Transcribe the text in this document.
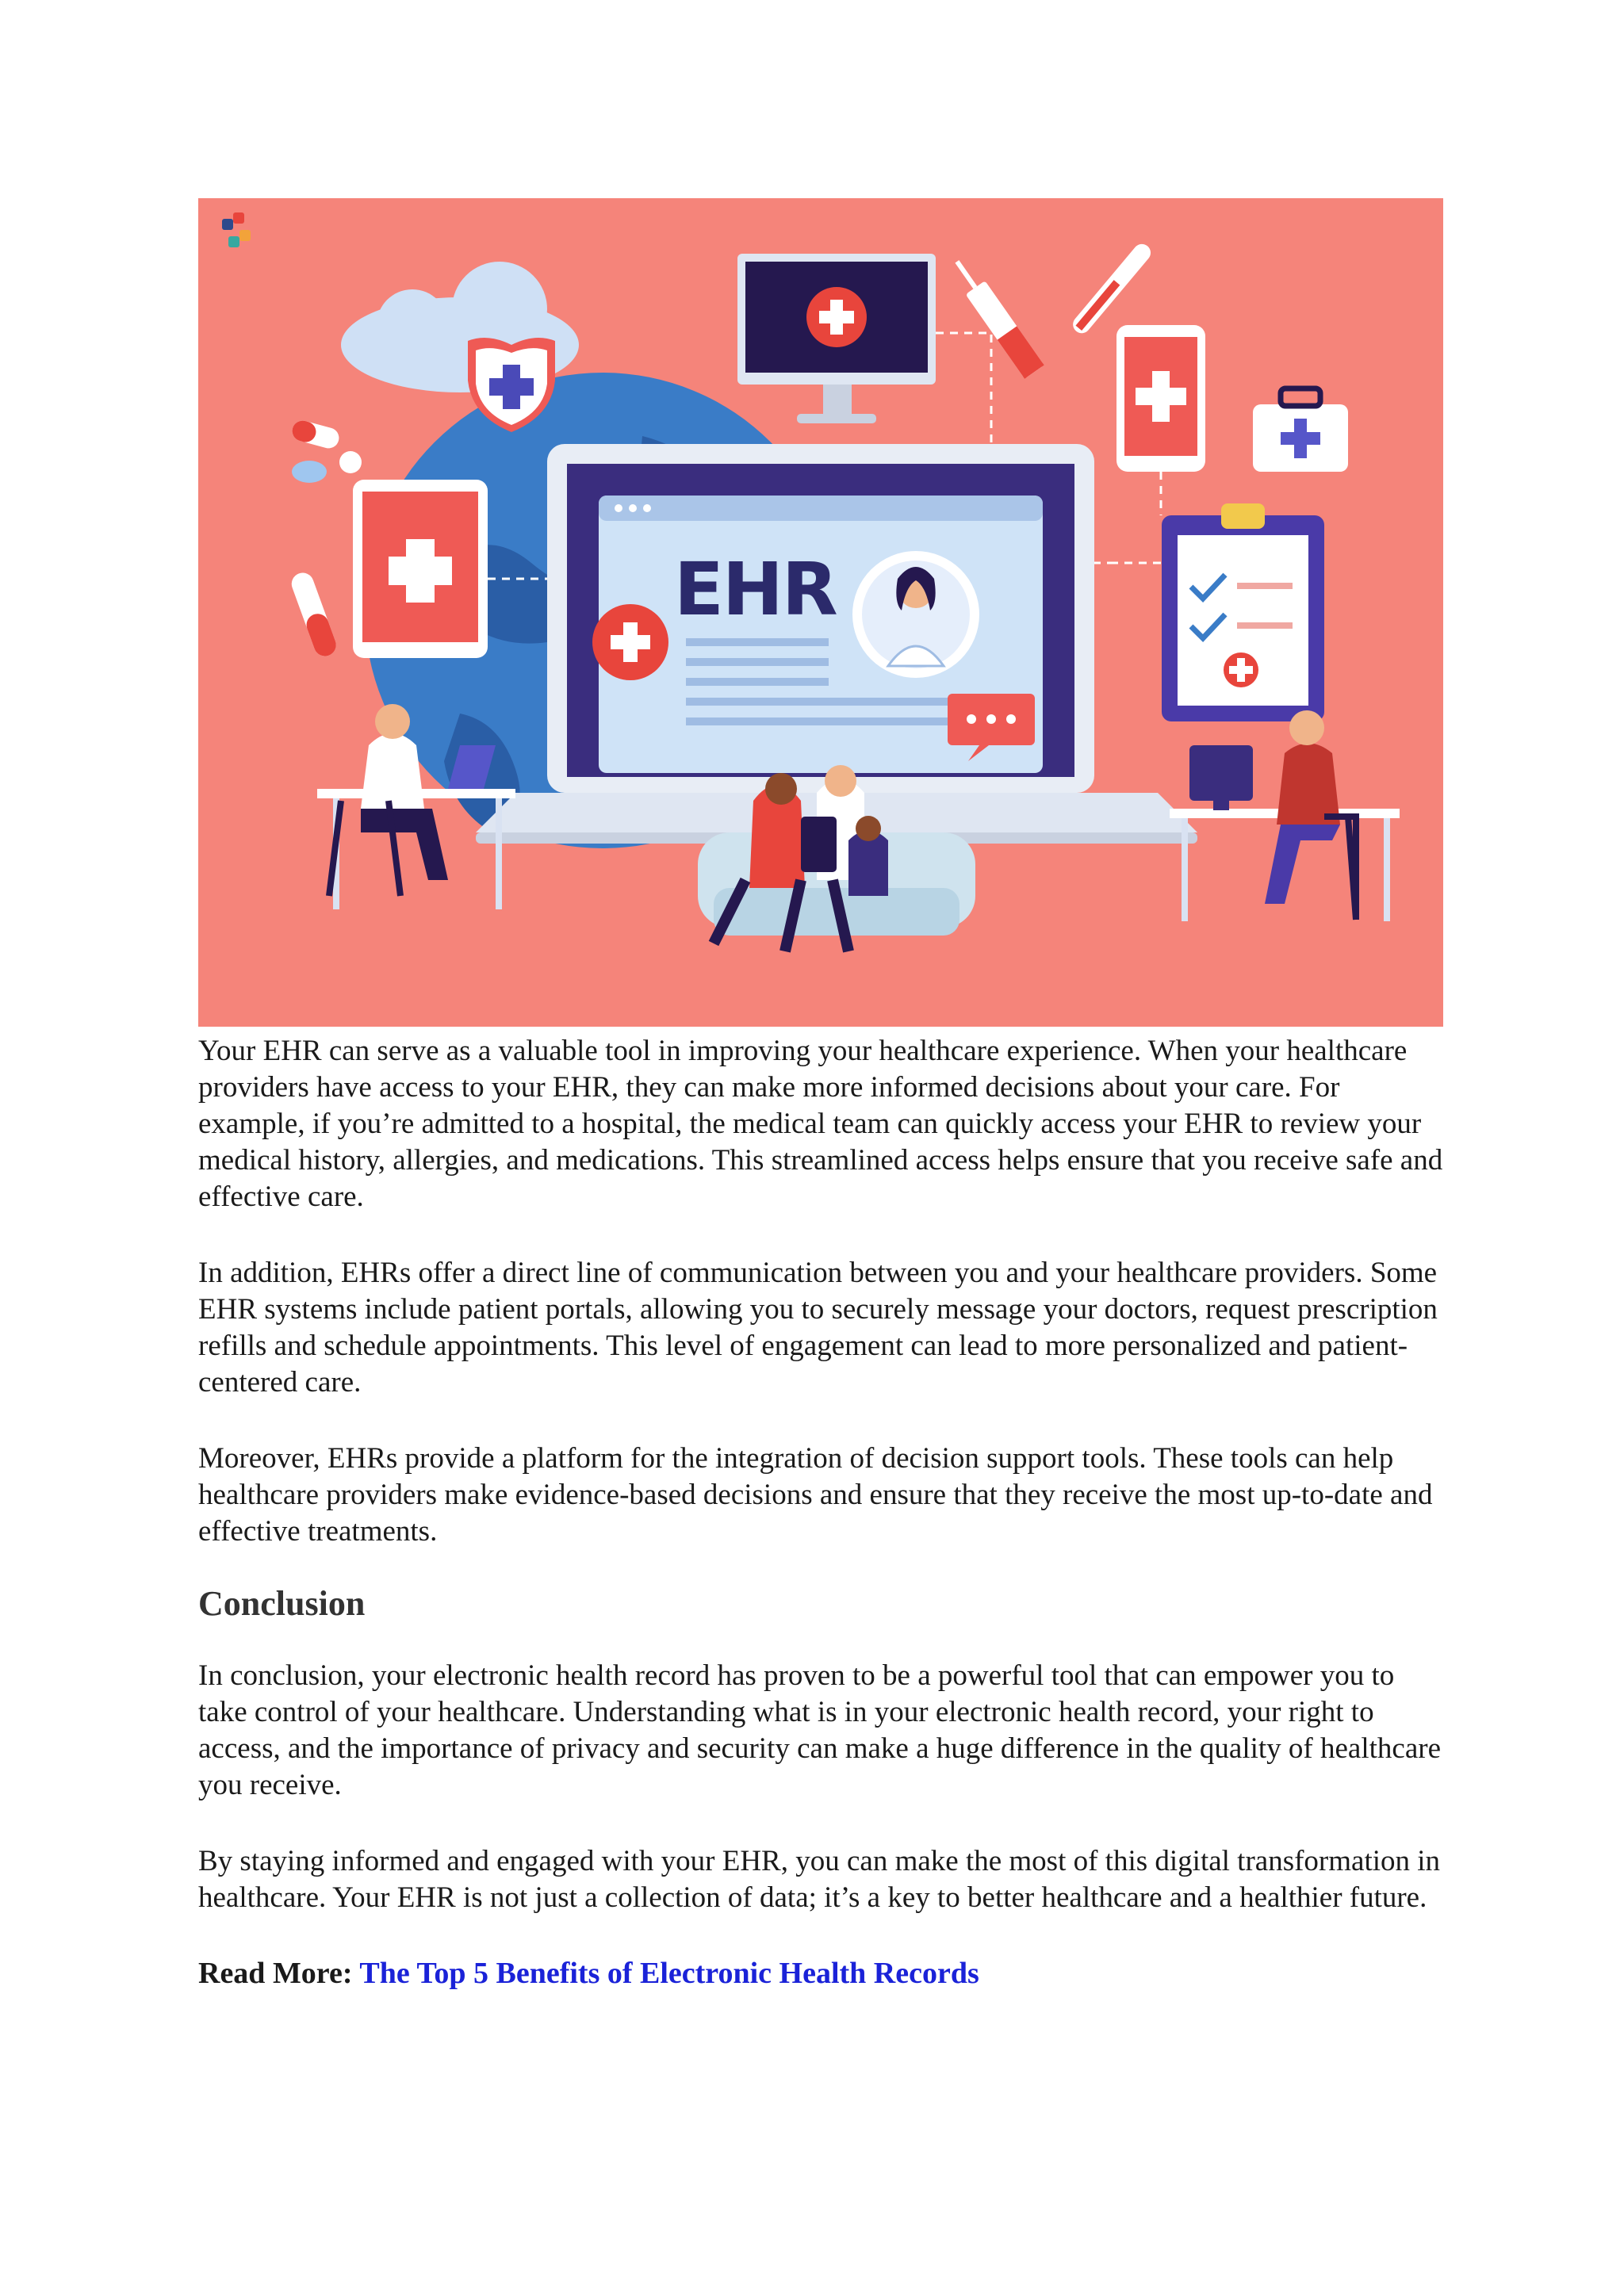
EHR

Your EHR can serve as a valuable tool in improving your healthcare experience. When your healthcare providers have access to your EHR, they can make more informed decisions about your care. For example, if you’re admitted to a hospital, the medical team can quickly access your EHR to review your medical history, allergies, and medications. This streamlined access helps ensure that you receive safe and effective care.

In addition, EHRs offer a direct line of communication between you and your healthcare providers. Some EHR systems include patient portals, allowing you to securely message your doctors, request prescription refills and schedule appointments. This level of engagement can lead to more personalized and patient-centered care.

Moreover, EHRs provide a platform for the integration of decision support tools. These tools can help healthcare providers make evidence-based decisions and ensure that they receive the most up-to-date and effective treatments.

Conclusion

In conclusion, your electronic health record has proven to be a powerful tool that can empower you to take control of your healthcare. Understanding what is in your electronic health record, your right to access, and the importance of privacy and security can make a huge difference in the quality of healthcare you receive.

By staying informed and engaged with your EHR, you can make the most of this digital transformation in healthcare. Your EHR is not just a collection of data; it’s a key to better healthcare and a healthier future.

Read More: The Top 5 Benefits of Electronic Health Records
